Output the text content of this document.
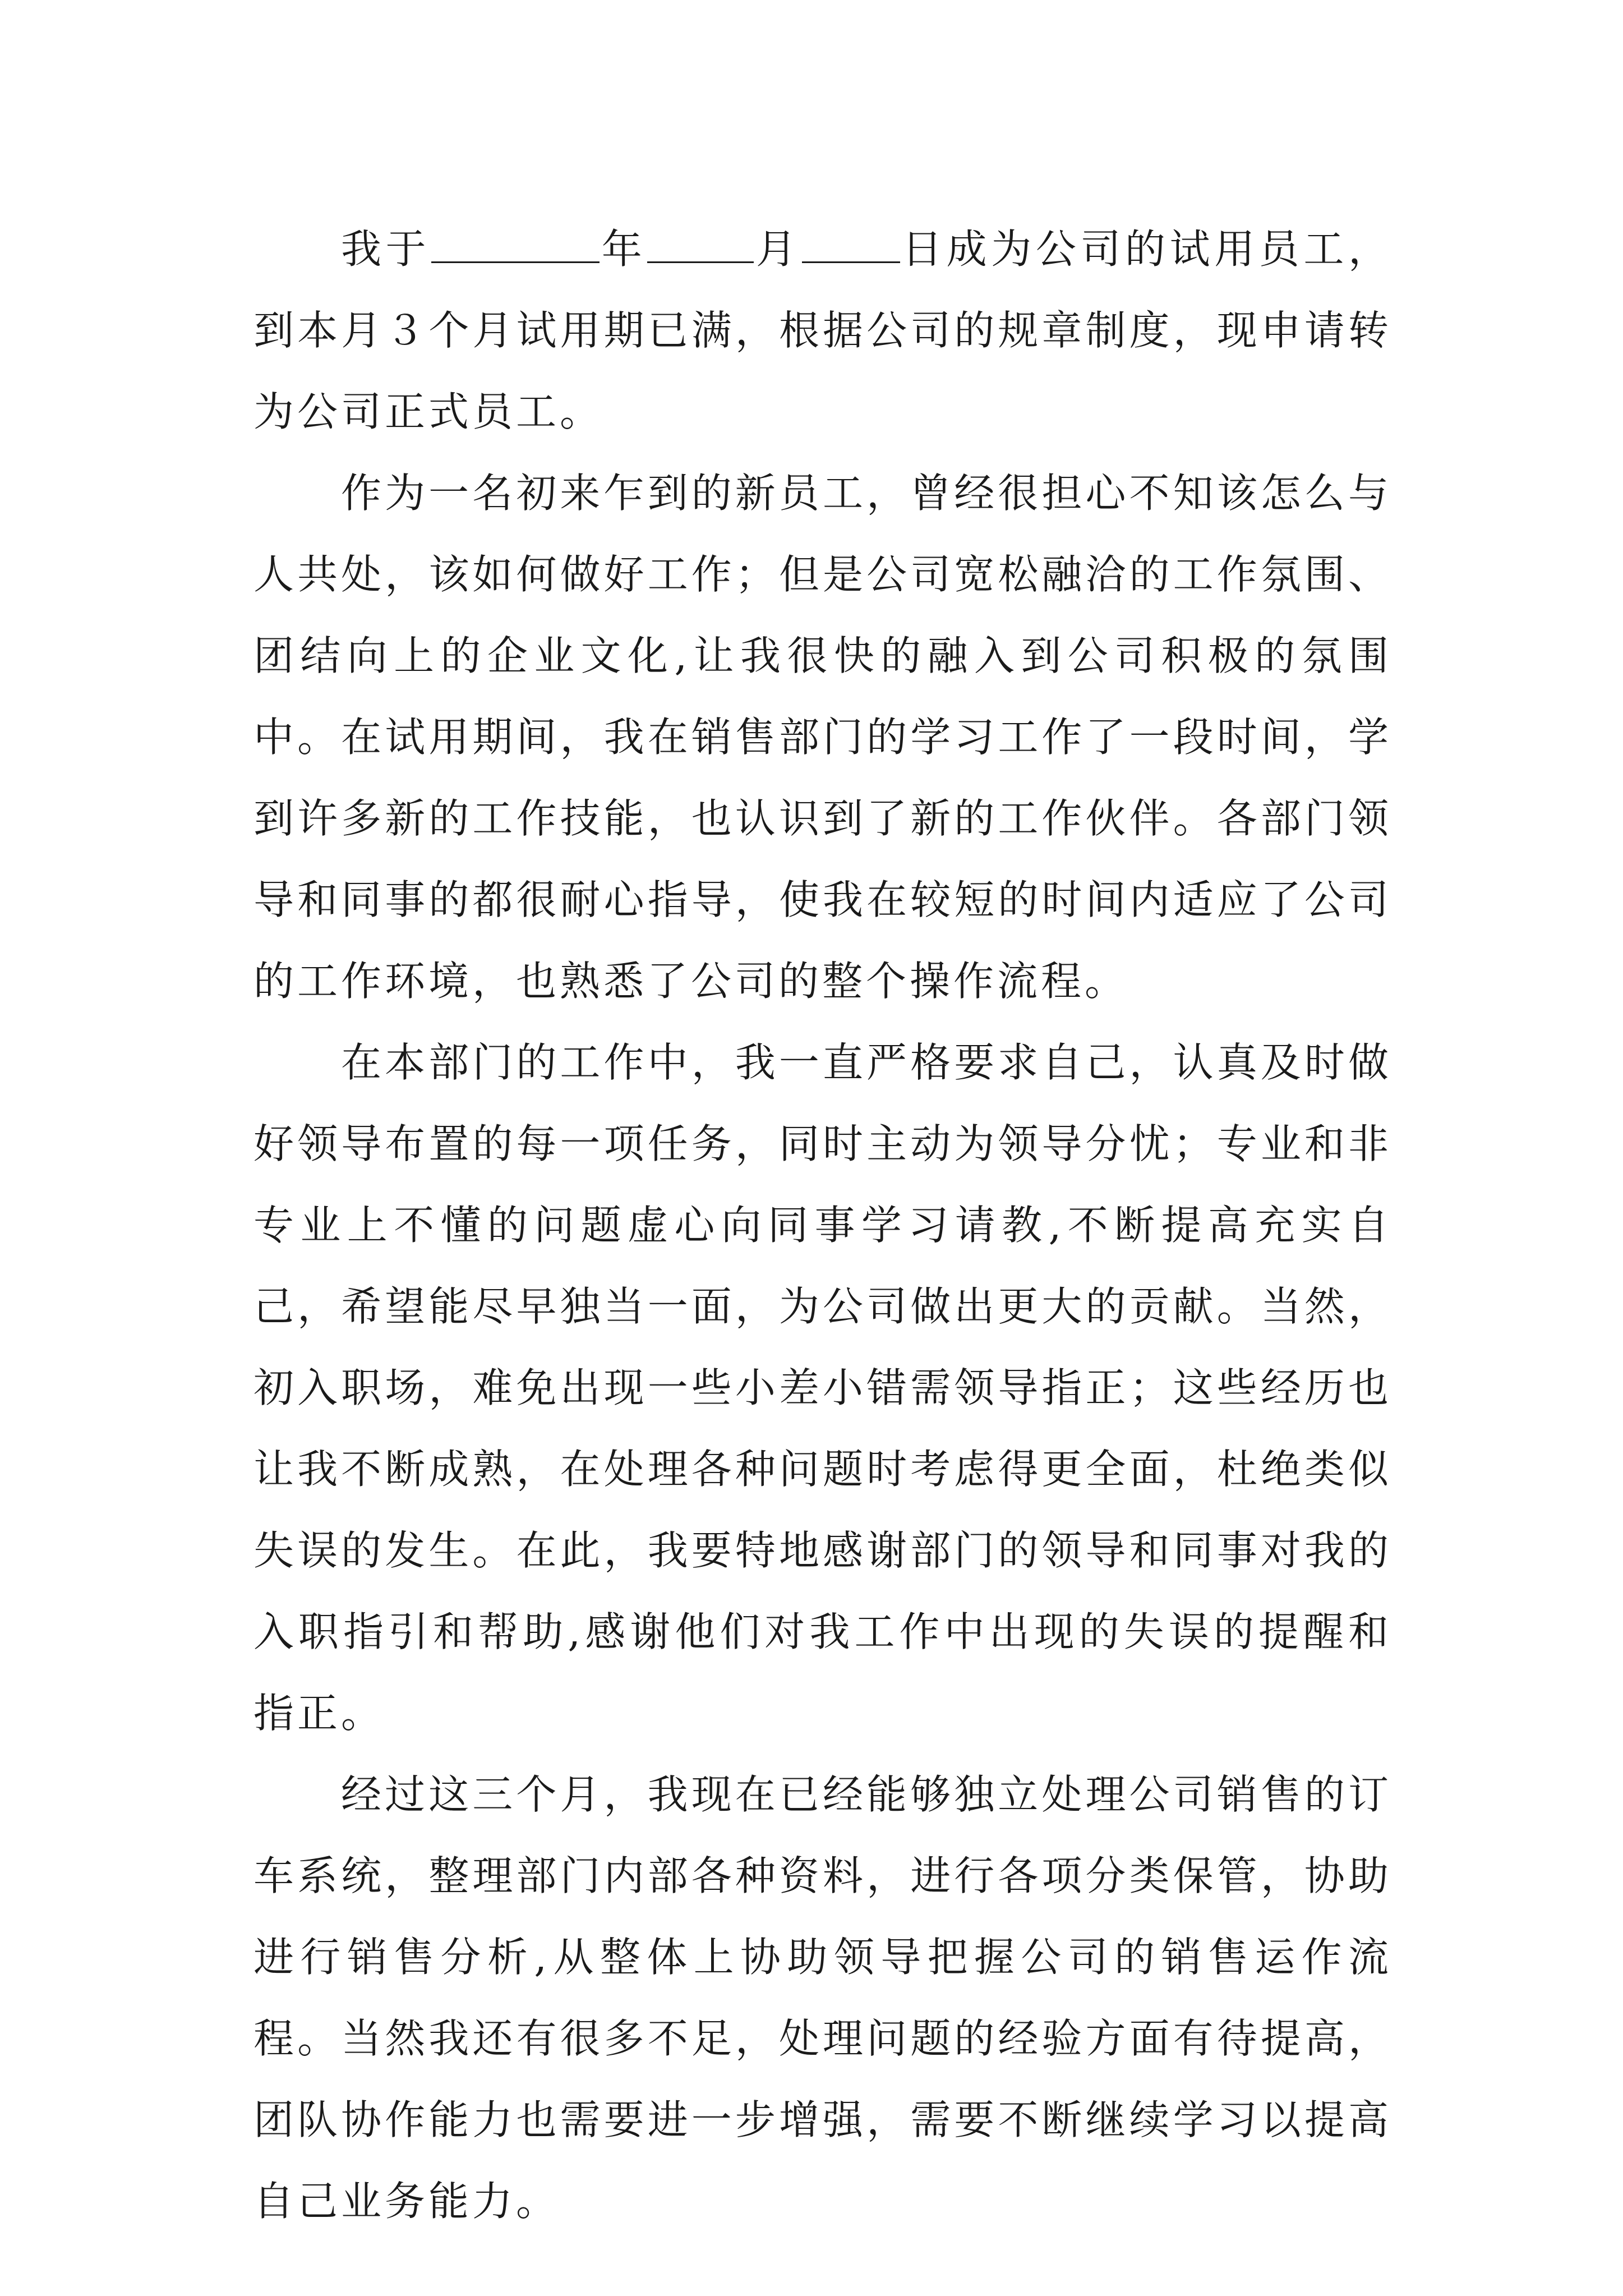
我于	年	月 日成为公司的试用员工，到本月３个月试用期已满，根据公司的规章制度，现申请转为公司正式员工。

作为一名初来乍到的新员工，曾经很担心不知该怎么与人共处，该如何做好工作；但是公司宽松融洽的工作氛围、团结向上的企业文化,让我很快的融入到公司积极的氛围中。在试用期间，我在销售部门的学习工作了一段时间，学到许多新的工作技能，也认识到了新的工作伙伴。各部门领导和同事的都很耐心指导，使我在较短的时间内适应了公司的工作环境，也熟悉了公司的整个操作流程。

在本部门的工作中，我一直严格要求自己，认真及时做好领导布置的每一项任务，同时主动为领导分忧；专业和非专业上不懂的问题虚心向同事学习请教,不断提高充实自己，希望能尽早独当一面，为公司做出更大的贡献。当然，初入职场，难免出现一些小差小错需领导指正；这些经历也让我不断成熟，在处理各种问题时考虑得更全面，杜绝类似失误的发生。在此，我要特地感谢部门的领导和同事对我的入职指引和帮助,感谢他们对我工作中出现的失误的提醒和指正。

经过这三个月，我现在已经能够独立处理公司销售的订车系统，整理部门内部各种资料，进行各项分类保管，协助进行销售分析,从整体上协助领导把握公司的销售运作流程。当然我还有很多不足，处理问题的经验方面有待提高，团队协作能力也需要进一步增强，需要不断继续学习以提高自己业务能力。
